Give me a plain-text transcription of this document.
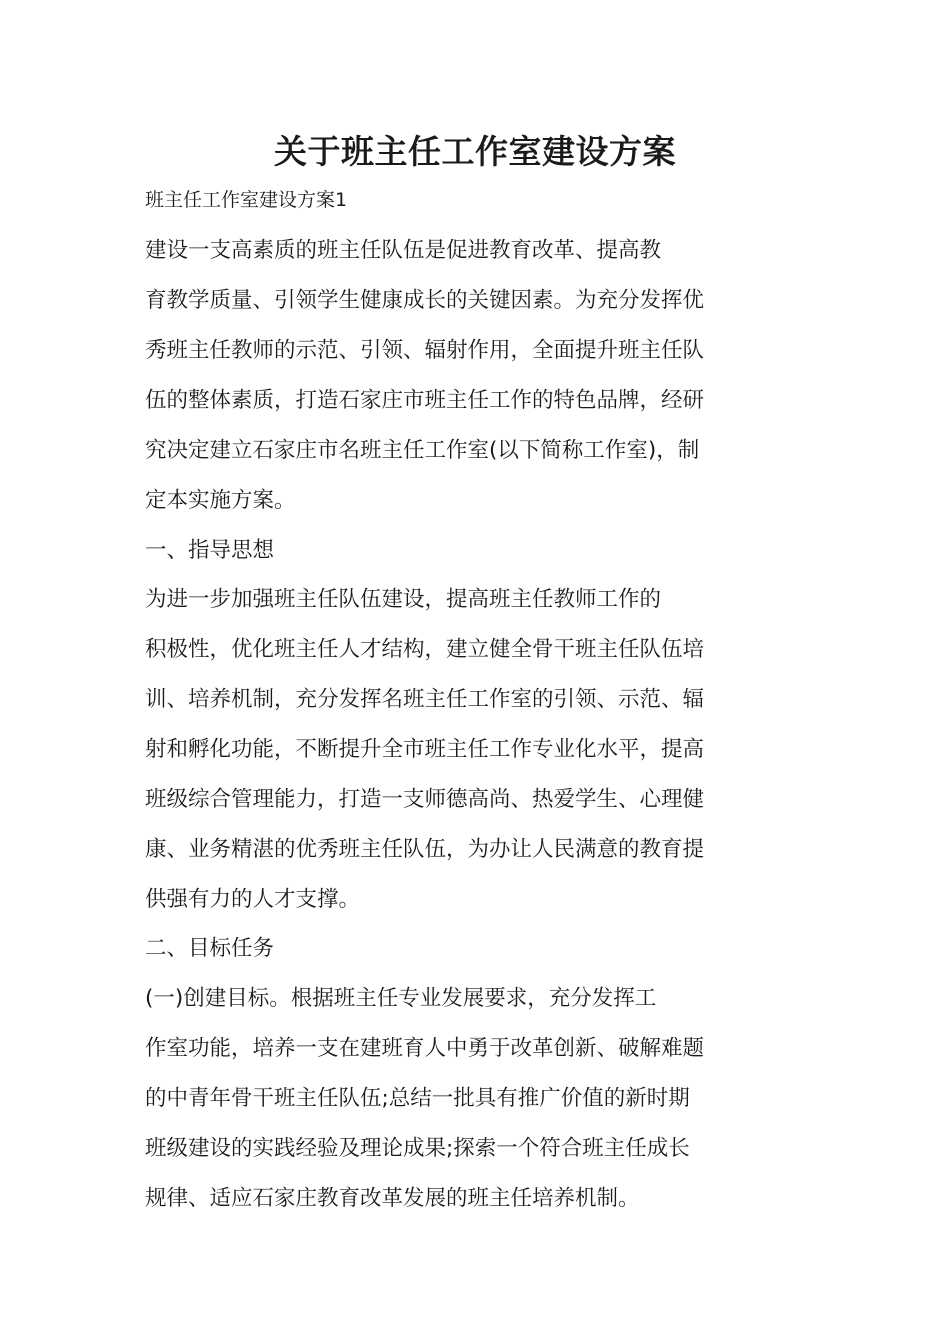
关于班主任工作室建设方案

班主任工作室建设方案1

建设一支高素质的班主任队伍是促进教育改革、提高教

育教学质量、引领学生健康成长的关键因素。为充分发挥优

秀班主任教师的示范、引领、辐射作用，全面提升班主任队

伍的整体素质，打造石家庄市班主任工作的特色品牌，经研

究决定建立石家庄市名班主任工作室(以下简称工作室)，制

定本实施方案。

一、指导思想

为进一步加强班主任队伍建设，提高班主任教师工作的

积极性，优化班主任人才结构，建立健全骨干班主任队伍培

训、培养机制，充分发挥名班主任工作室的引领、示范、辐

射和孵化功能，不断提升全市班主任工作专业化水平，提高

班级综合管理能力，打造一支师德高尚、热爱学生、心理健

康、业务精湛的优秀班主任队伍，为办让人民满意的教育提

供强有力的人才支撑。

二、目标任务

(一)创建目标。根据班主任专业发展要求，充分发挥工

作室功能，培养一支在建班育人中勇于改革创新、破解难题

的中青年骨干班主任队伍;总结一批具有推广价值的新时期

班级建设的实践经验及理论成果;探索一个符合班主任成长

规律、适应石家庄教育改革发展的班主任培养机制。
